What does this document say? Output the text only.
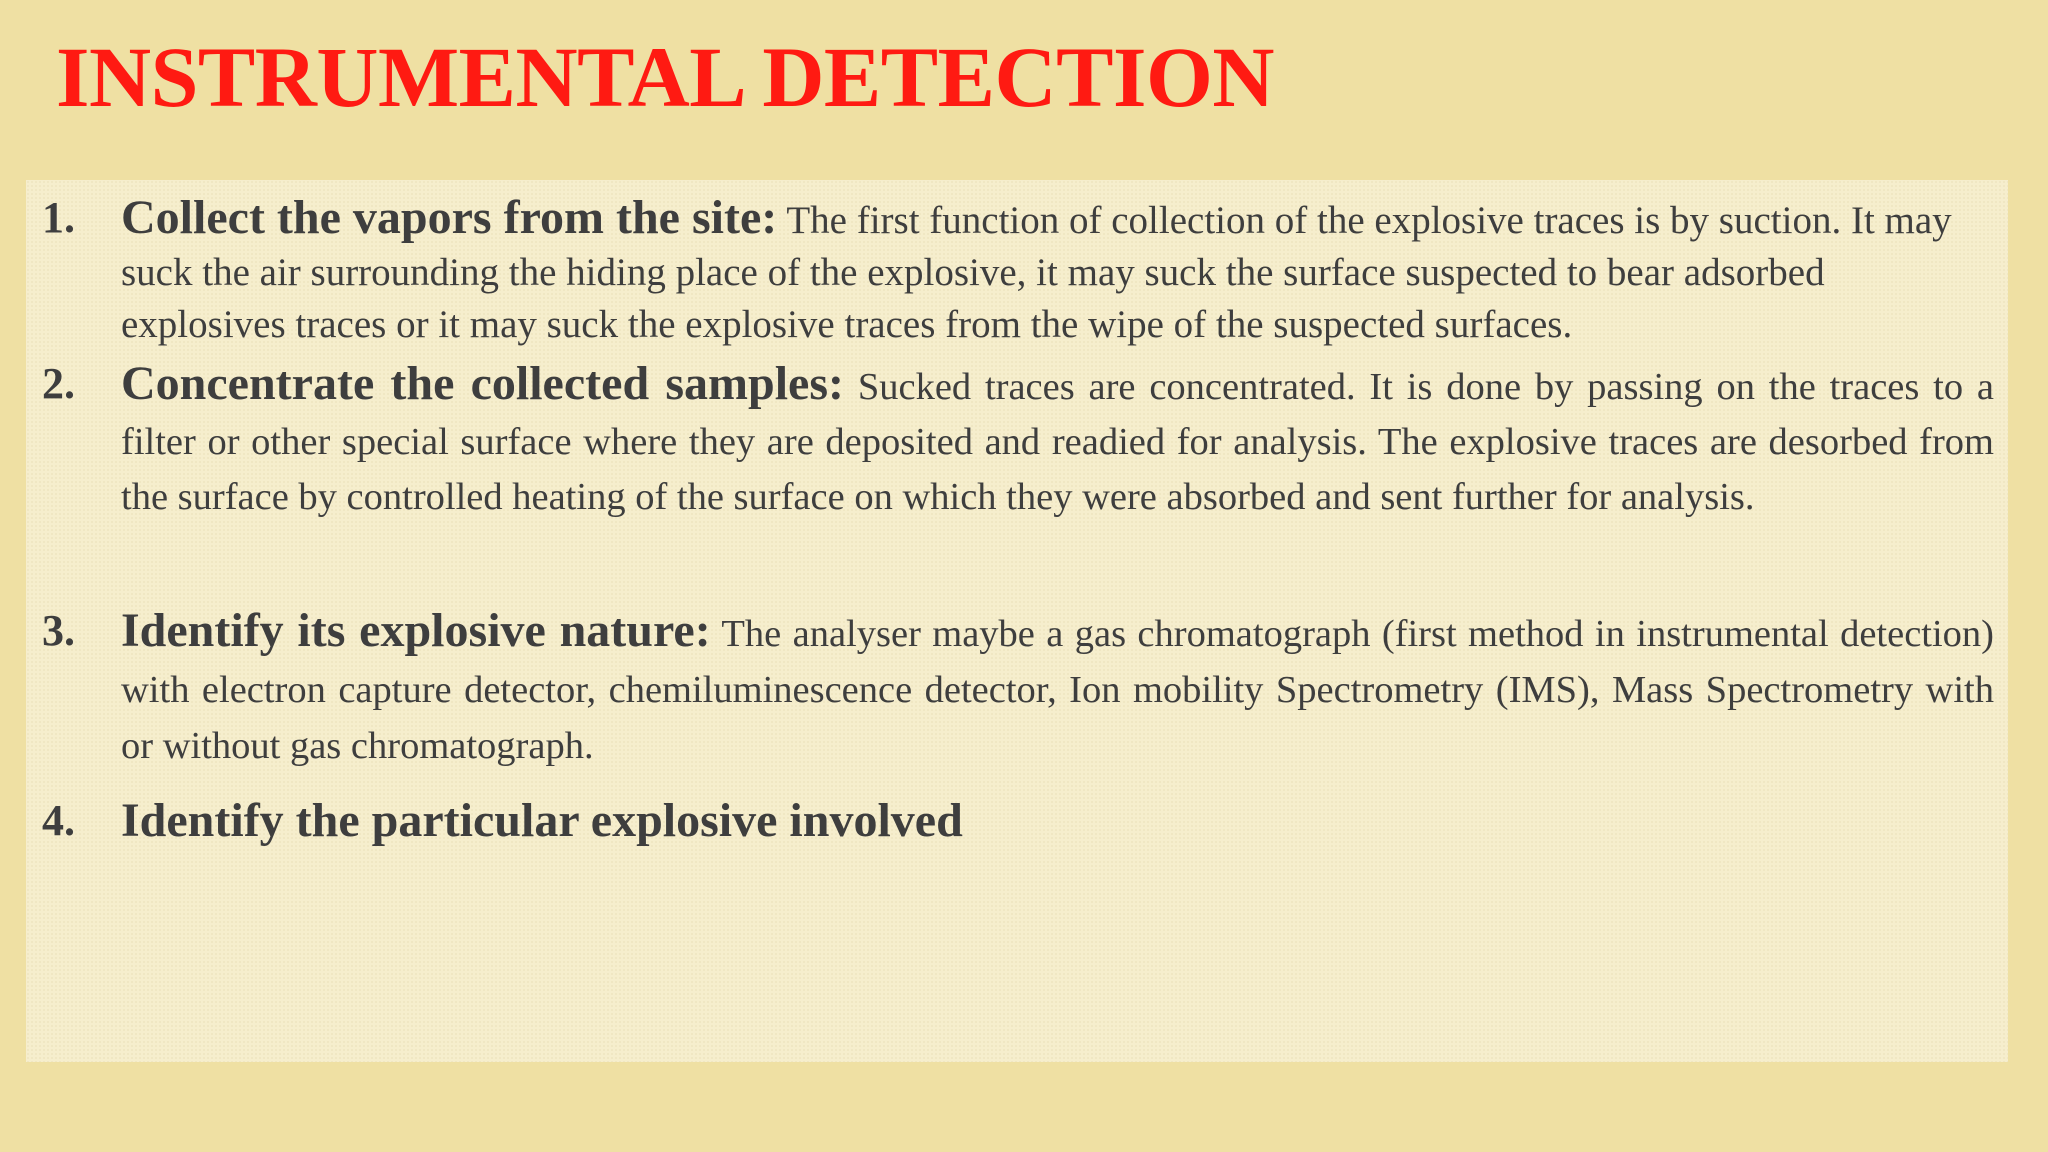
INSTRUMENTAL DETECTION
1. Collect the vapors from the site: The first function of collection of the explosive traces is by suction. It may suck the air surrounding the hiding place of the explosive, it may suck the surface suspected to bear adsorbed explosives traces or it may suck the explosive traces from the wipe of the suspected surfaces.

2. Concentrate the collected samples: Sucked traces are concentrated. It is done by passing on the traces to a filter or other special surface where they are deposited and readied for analysis. The explosive traces are desorbed from the surface by controlled heating of the surface on which they were absorbed and sent further for analysis.

3. Identify its explosive nature: The analyser maybe a gas chromatograph (first method in instrumental detection) with electron capture detector, chemiluminescence detector, Ion mobility Spectrometry (IMS), Mass Spectrometry with or without gas chromatograph.

4. Identify the particular explosive involved
